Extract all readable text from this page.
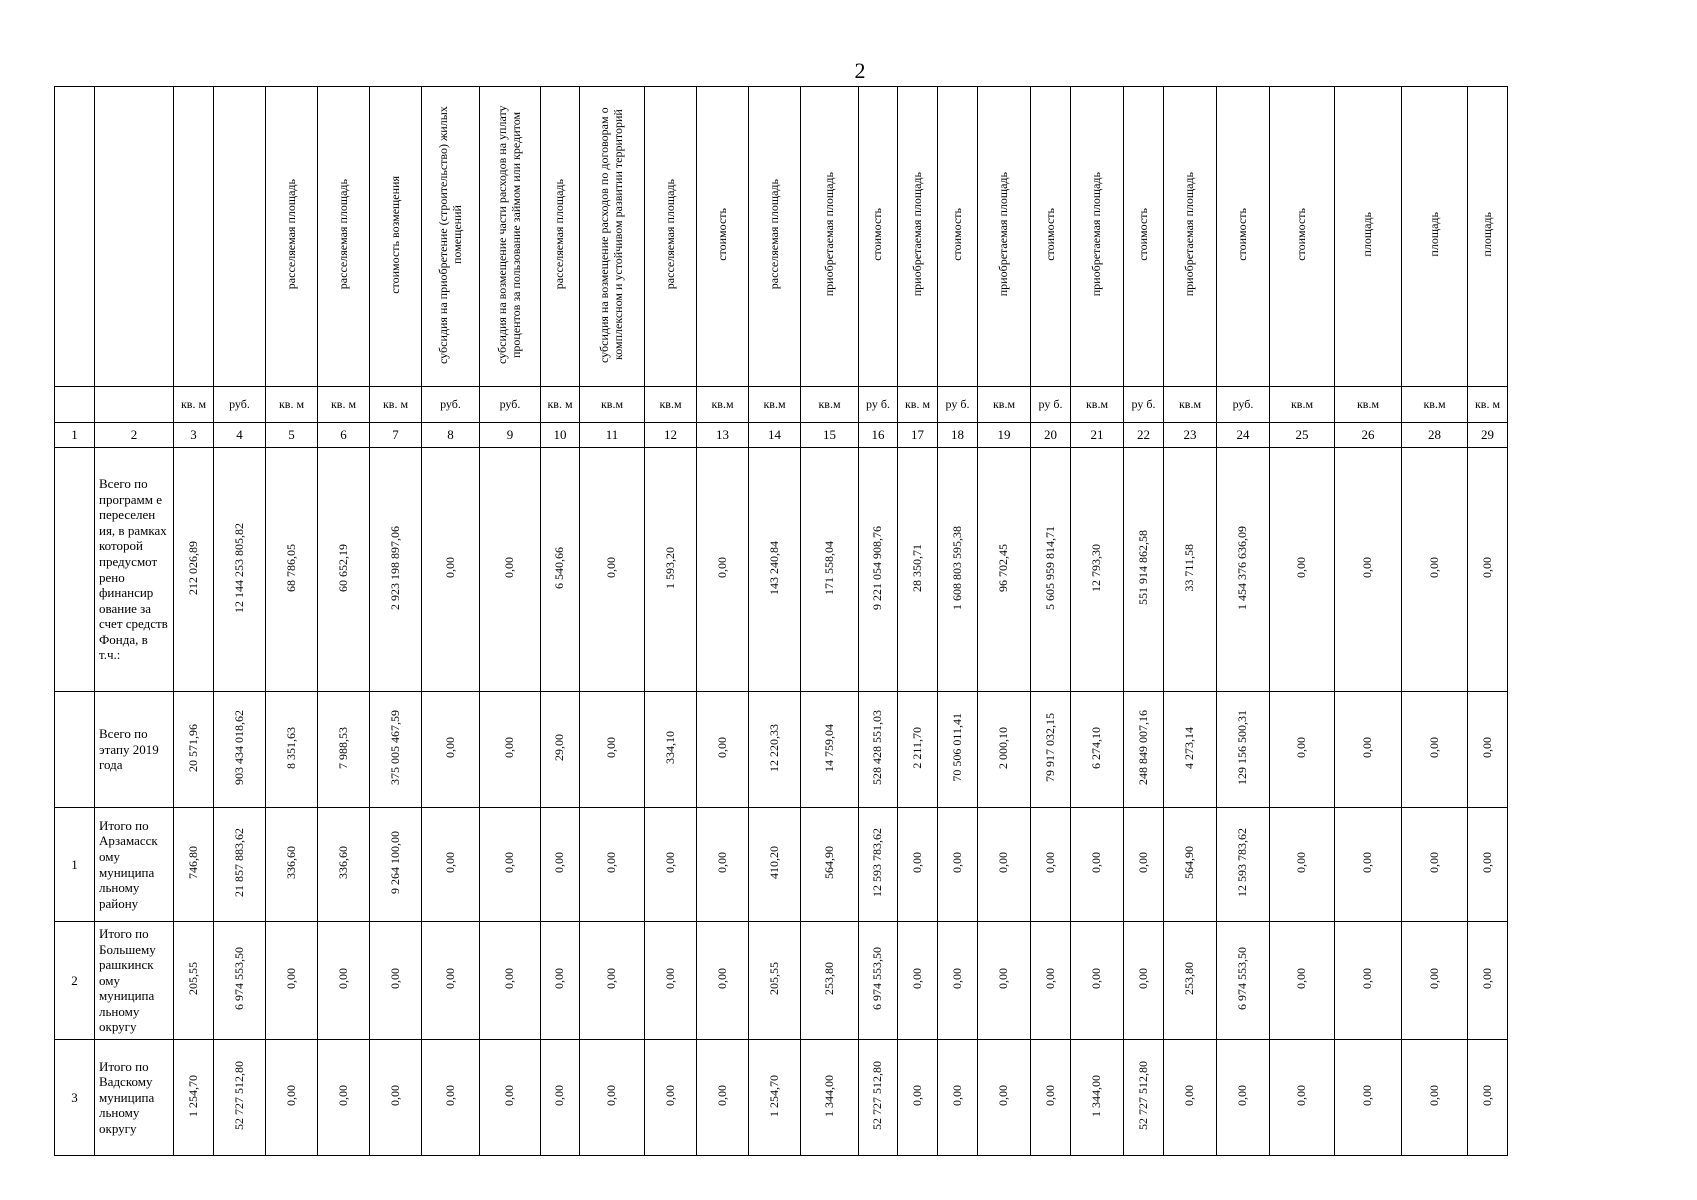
2
				расселяемая площадь	расселяемая площадь	стоимость возмещения	субсидия на приобретение (строительство) жилых помещений	субсидия на возмещение части расходов на уплату процентов за пользование займом или кредитом	расселяемая площадь	субсидия на возмещение расходов по договорам о комплексном и устойчивом развитии территорий	расселяемая площадь	стоимость	расселяемая площадь	приобретаемая площадь	стоимость	приобретаемая площадь	стоимость	приобретаемая площадь	стоимость	приобретаемая площадь	стоимость	приобретаемая площадь	стоимость	стоимость	площадь	площадь	площадь
		кв. м	руб.	кв. м	кв. м	кв. м	руб.	руб.	кв. м	кв.м	кв.м	кв.м	кв.м	кв.м	ру б.	кв. м	ру б.	кв.м	ру б.	кв.м	ру б.	кв.м	руб.	кв.м	кв.м	кв.м	кв. м
1	2	3	4	5	6	7	8	9	10	11	12	13	14	15	16	17	18	19	20	21	22	23	24	25	26	28	29

	Всего по программ е переселен ия, в рамках которой предусмот рено финансир ование за счет средств Фонда, в т.ч.:	212 026,89	12 144 253 805,82	68 786,05	60 652,19	2 923 198 897,06	0,00	0,00	6 540,66	0,00	1 593,20	0,00	143 240,84	171 558,04	9 221 054 908,76	28 350,71	1 608 803 595,38	96 702,45	5 605 959 814,71	12 793,30	551 914 862,58	33 711,58	1 454 376 636,09	0,00	0,00	0,00	0,00

	Всего по этапу 2019 года	20 571,96	903 434 018,62	8 351,63	7 988,53	375 005 467,59	0,00	0,00	29,00	0,00	334,10	0,00	12 220,33	14 759,04	528 428 551,03	2 211,70	70 506 011,41	2 000,10	79 917 032,15	6 274,10	248 849 007,16	4 273,14	129 156 500,31	0,00	0,00	0,00	0,00
1	Итого по Арзамасск ому муниципа льному району	746,80	21 857 883,62	336,60	336,60	9 264 100,00	0,00	0,00	0,00	0,00	0,00	0,00	410,20	564,90	12 593 783,62	0,00	0,00	0,00	0,00	0,00	0,00	564,90	12 593 783,62	0,00	0,00	0,00	0,00
2	Итого по Большему рашкинск ому муниципа льному округу	205,55	6 974 553,50	0,00	0,00	0,00	0,00	0,00	0,00	0,00	0,00	0,00	205,55	253,80	6 974 553,50	0,00	0,00	0,00	0,00	0,00	0,00	253,80	6 974 553,50	0,00	0,00	0,00	0,00
3	Итого по Вадскому муниципа льному округу	1 254,70	52 727 512,80	0,00	0,00	0,00	0,00	0,00	0,00	0,00	0,00	0,00	1 254,70	1 344,00	52 727 512,80	0,00	0,00	0,00	0,00	1 344,00	52 727 512,80	0,00	0,00	0,00	0,00	0,00	0,00
